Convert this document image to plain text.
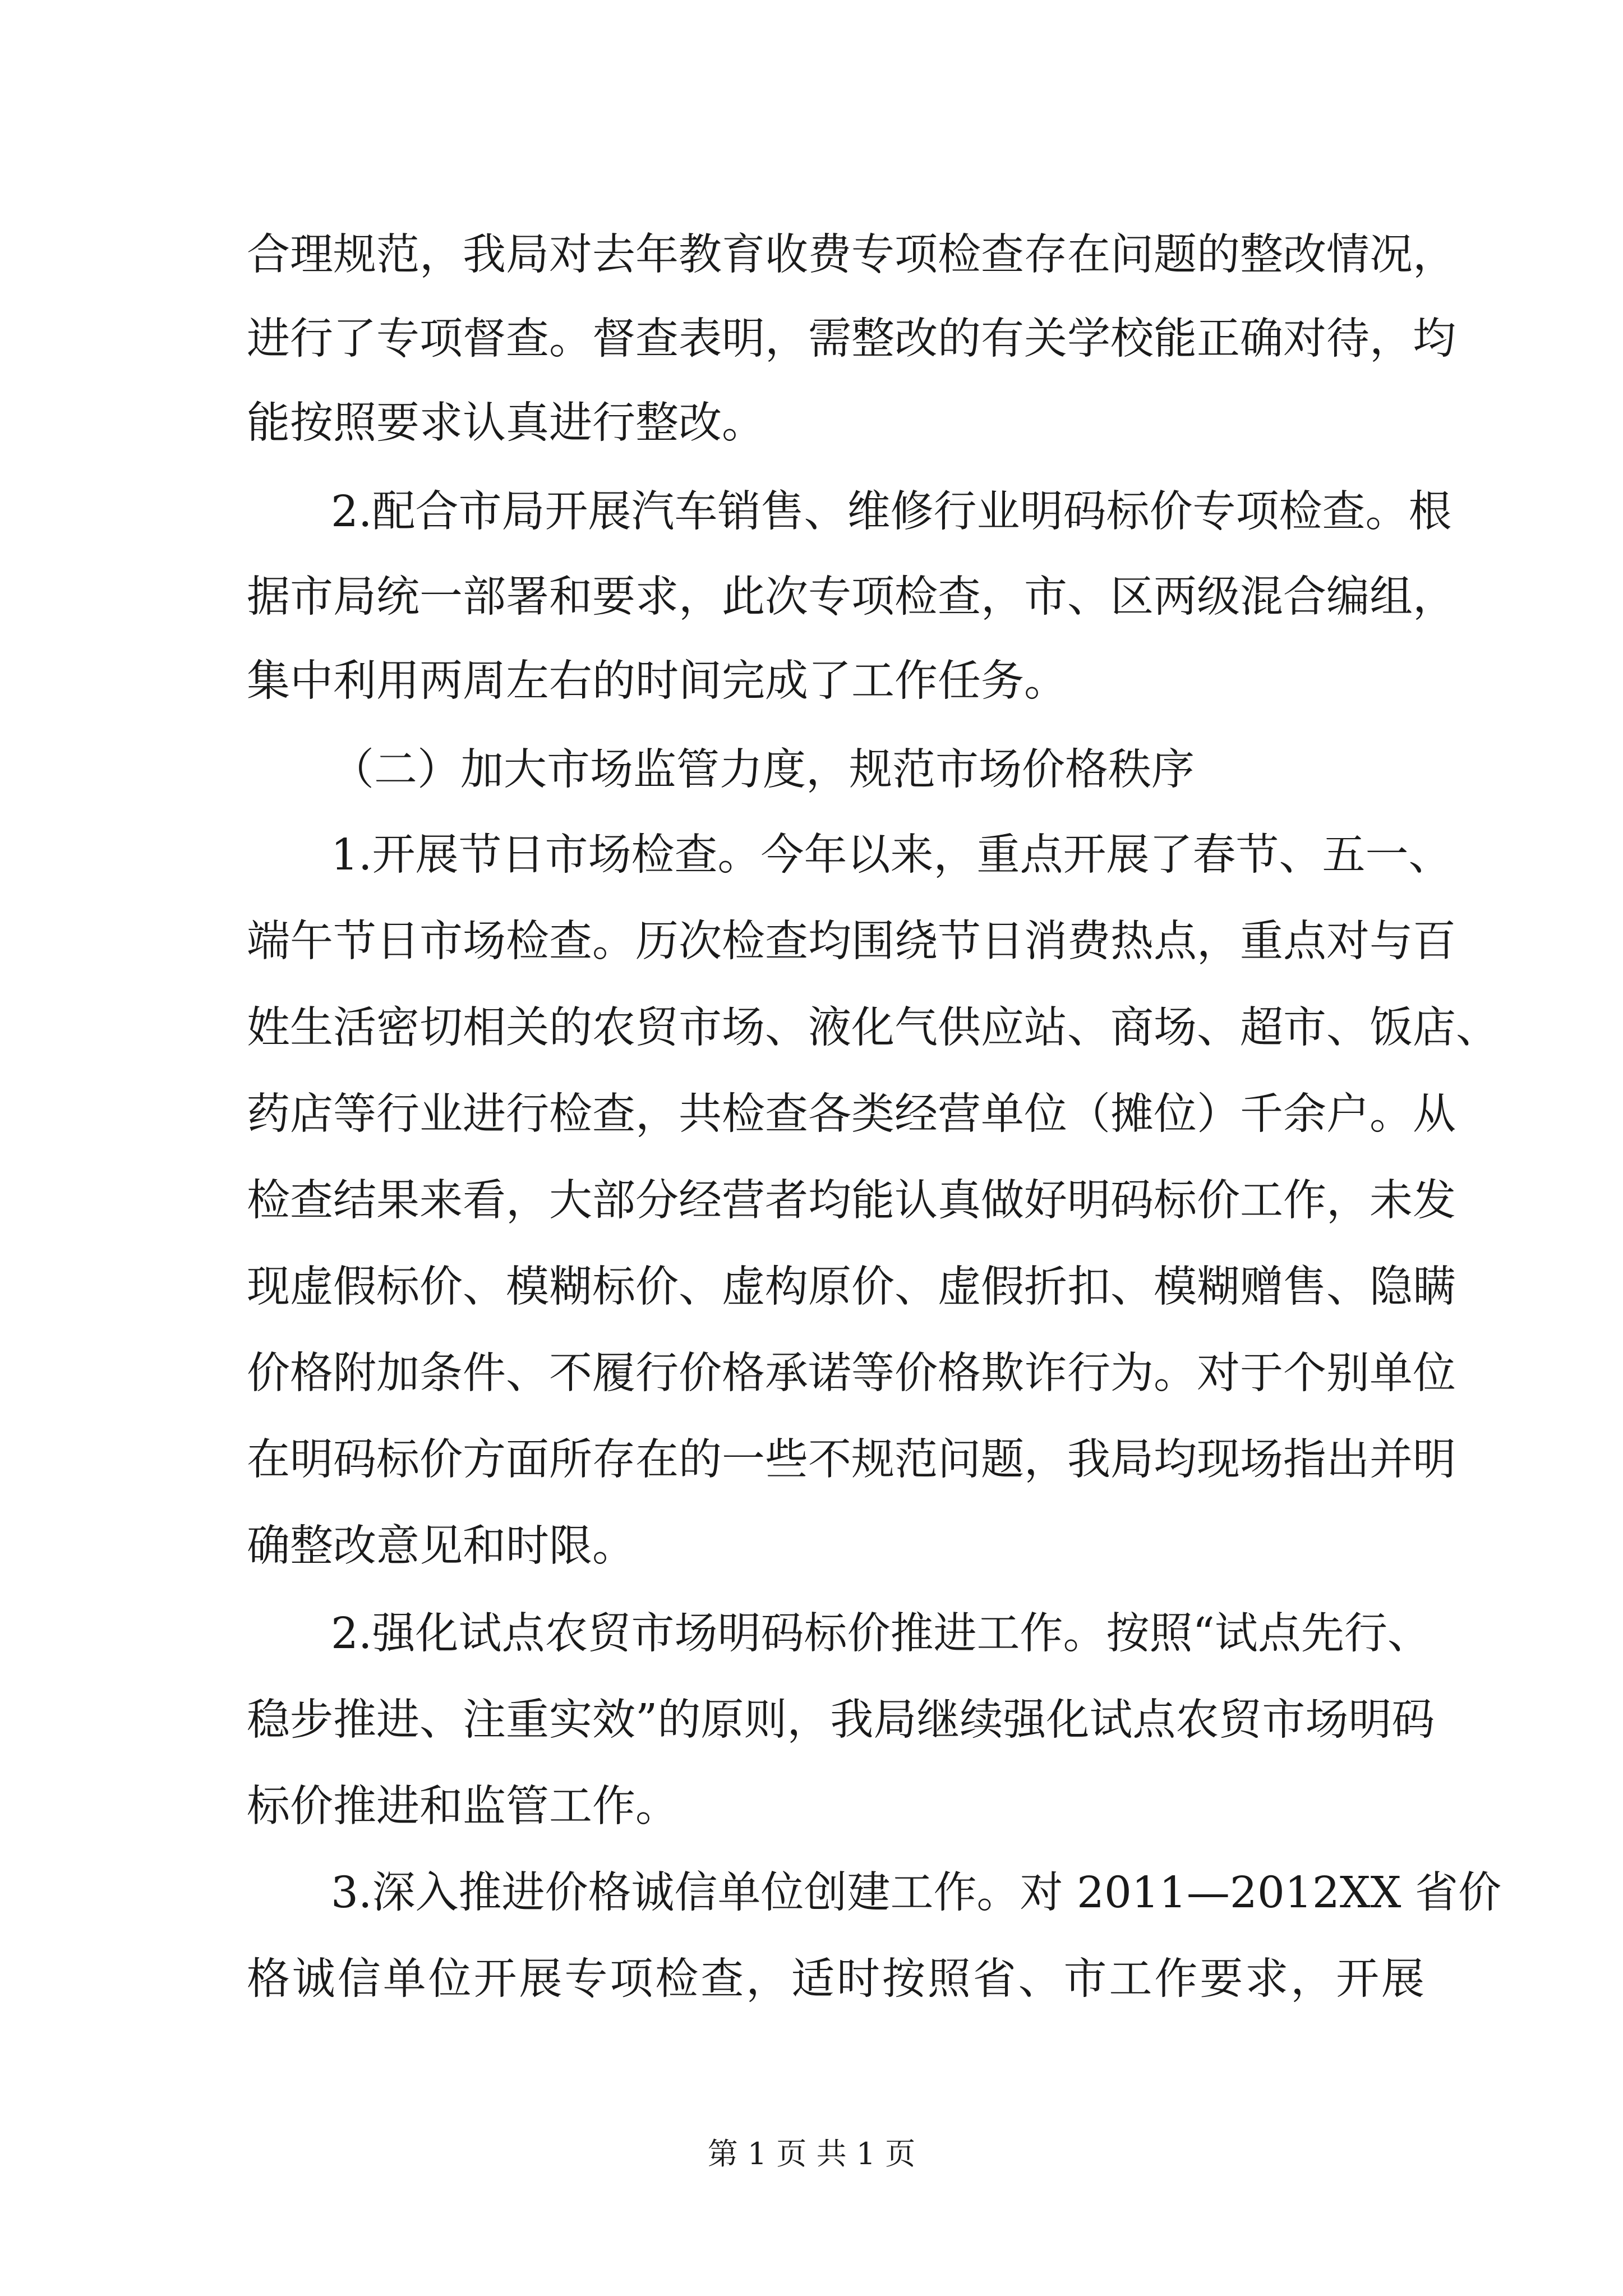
合理规范，我局对去年教育收费专项检查存在问题的整改情况，
进行了专项督查。督查表明，需整改的有关学校能正确对待，均
能按照要求认真进行整改。
2.配合市局开展汽车销售、维修行业明码标价专项检查。根
据市局统一部署和要求，此次专项检查，市、区两级混合编组，
集中利用两周左右的时间完成了工作任务。
（二）加大市场监管力度，规范市场价格秩序
1.开展节日市场检查。今年以来，重点开展了春节、五一、
端午节日市场检查。历次检查均围绕节日消费热点，重点对与百
姓生活密切相关的农贸市场、液化气供应站、商场、超市、饭店、
药店等行业进行检查，共检查各类经营单位（摊位）千余户。从
检查结果来看，大部分经营者均能认真做好明码标价工作，未发
现虚假标价、模糊标价、虚构原价、虚假折扣、模糊赠售、隐瞒
价格附加条件、不履行价格承诺等价格欺诈行为。对于个别单位
在明码标价方面所存在的一些不规范问题，我局均现场指出并明
确整改意见和时限。
2.强化试点农贸市场明码标价推进工作。按照“试点先行、
稳步推进、注重实效”的原则，我局继续强化试点农贸市场明码
标价推进和监管工作。
3.深入推进价格诚信单位创建工作。对 2011—2012XX 省价
格诚信单位开展专项检查，适时按照省、市工作要求，开展
第 1 页 共 1 页
